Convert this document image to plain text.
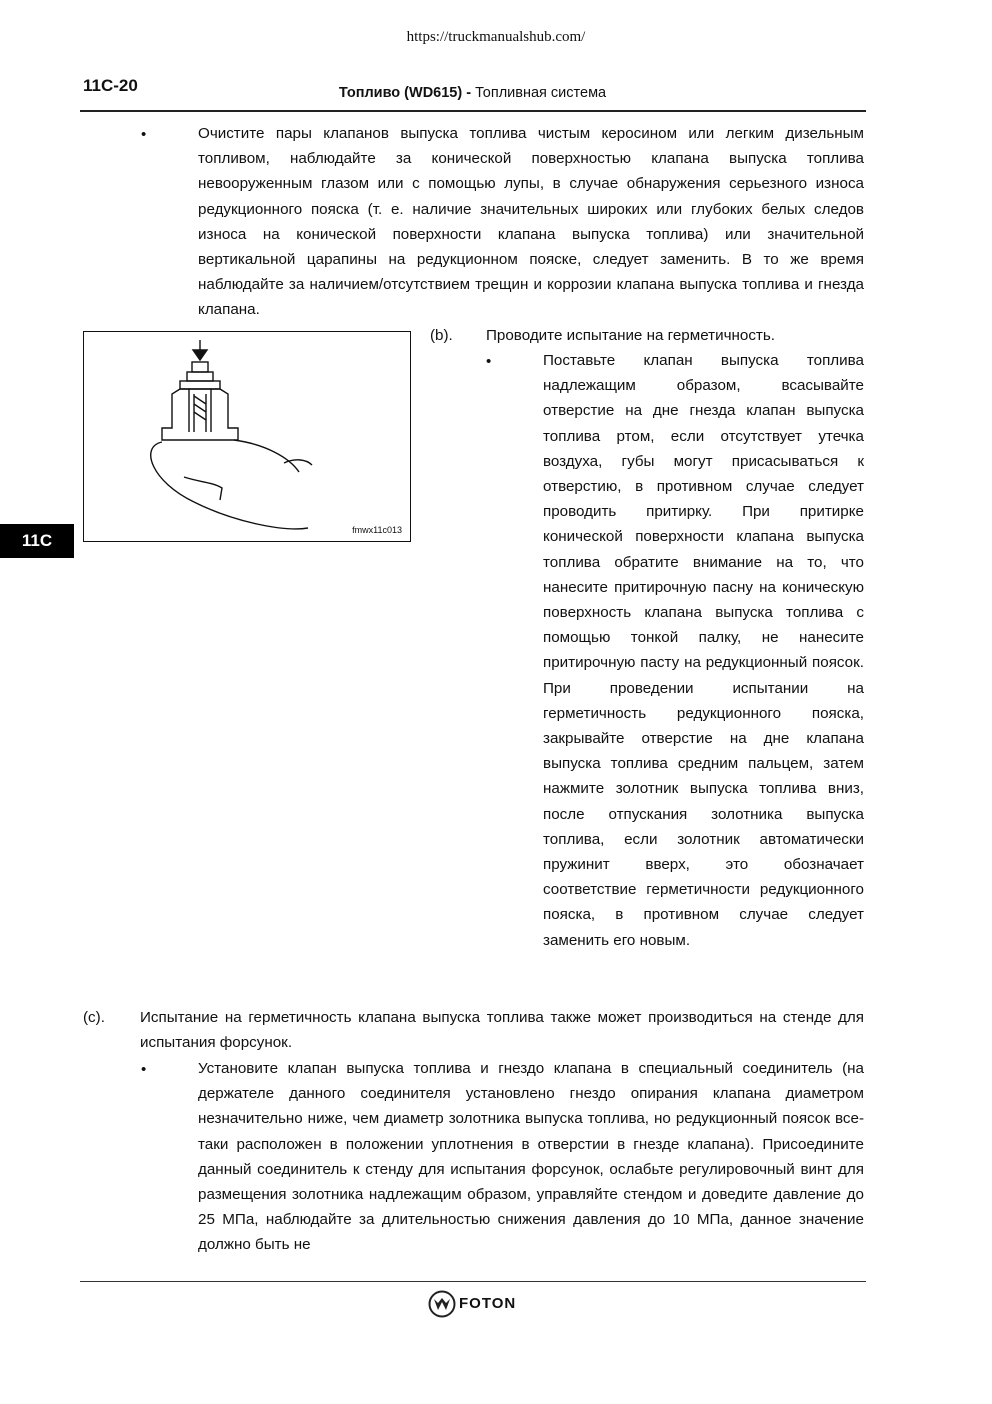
https://truckmanualshub.com/
11C-20	Топливо (WD615) - Топливная система
11C
•	Очистите пары клапанов выпуска топлива чистым керосином или легким дизельным топливом, наблюдайте за конической поверхностью клапана выпуска топлива невооруженным глазом или с помощью лупы, в случае обнаружения серьезного износа редукционного пояска (т. е. наличие значительных широких или глубоких белых следов износа на конической поверхности клапана выпуска топлива) или значительной вертикальной царапины на редукционном пояске, следует заменить. В то же время наблюдайте за наличием/отсутствием трещин и коррозии клапана выпуска топлива и гнезда клапана.
fmwx11c013
(b). Проводите испытание на герметичность.
•	Поставьте клапан выпуска топлива надлежащим образом, всасывайте отверстие на дне гнезда клапан выпуска топлива ртом, если отсутствует утечка воздуха, губы могут присасываться к отверстию, в противном случае следует проводить притирку. При притирке конической поверхности клапана выпуска топлива обратите внимание на то, что нанесите притирочную пасну на коническую поверхность клапана выпуска топлива с помощью тонкой палку, не нанесите притирочную пасту на редукционный поясок. При проведении испытании на герметичность редукционного пояска, закрывайте отверстие на дне клапана выпуска топлива средним пальцем, затем нажмите золотник выпуска топлива вниз, после отпускания золотника выпуска топлива, если золотник автоматически пружинит вверх, это обозначает соответствие герметичности редукционного пояска, в противном случае следует заменить его новым.
(c). Испытание на герметичность клапана выпуска топлива также может производиться на стенде для испытания форсунок.
•	Установите клапан выпуска топлива и гнездо клапана в специальный соединитель (на держателе данного соединителя установлено гнездо опирания клапана диаметром незначительно ниже, чем диаметр золотника выпуска топлива, но редукционный поясок все-таки расположен в положении уплотнения в отверстии в гнезде клапана). Присоедините данный соединитель к стенду для испытания форсунок, ослабьте регулировочный винт для размещения золотника надлежащим образом, управляйте стендом и доведите давление до 25 МПа, наблюдайте за длительностью снижения давления до 10 МПа, данное значение должно быть не
FOTON
